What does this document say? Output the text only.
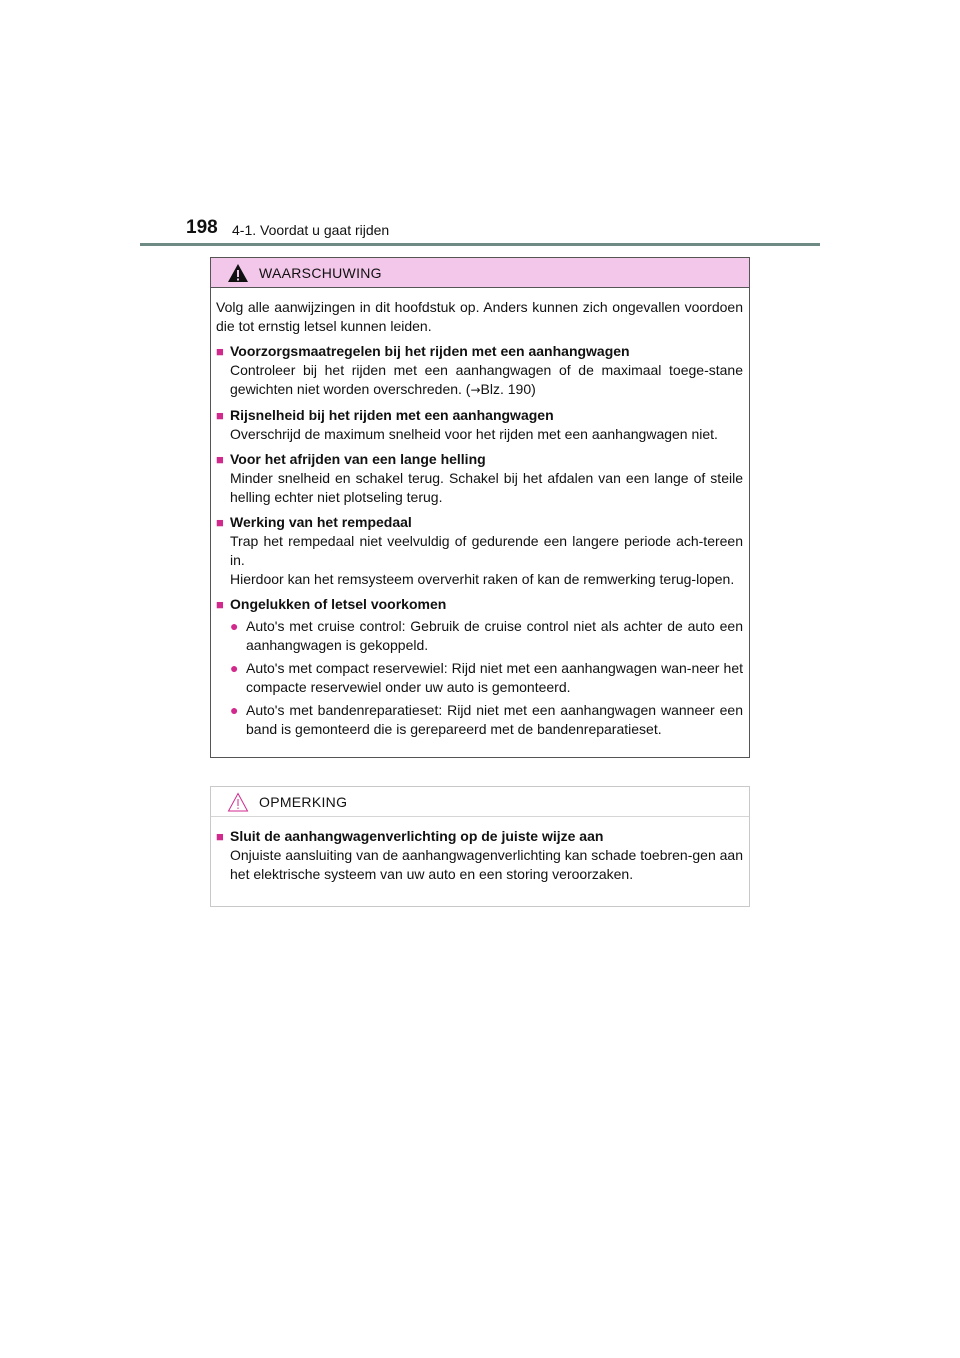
198 4-1. Voordat u gaat rijden
WAARSCHUWING
Volg alle aanwijzingen in dit hoofdstuk op. Anders kunnen zich ongevallen voordoen die tot ernstig letsel kunnen leiden.
■ Voorzorgsmaatregelen bij het rijden met een aanhangwagen
Controleer bij het rijden met een aanhangwagen of de maximaal toege-stane gewichten niet worden overschreden. (→Blz. 190)
■ Rijsnelheid bij het rijden met een aanhangwagen
Overschrijd de maximum snelheid voor het rijden met een aanhangwagen niet.
■ Voor het afrijden van een lange helling
Minder snelheid en schakel terug. Schakel bij het afdalen van een lange of steile helling echter niet plotseling terug.
■ Werking van het rempedaal
Trap het rempedaal niet veelvuldig of gedurende een langere periode ach-tereen in.
Hierdoor kan het remsysteem oververhit raken of kan de remwerking terug-lopen.
■ Ongelukken of letsel voorkomen
● Auto's met cruise control: Gebruik de cruise control niet als achter de auto een aanhangwagen is gekoppeld.
● Auto's met compact reservewiel: Rijd niet met een aanhangwagen wan-neer het compacte reservewiel onder uw auto is gemonteerd.
● Auto's met bandenreparatieset: Rijd niet met een aanhangwagen wanneer een band is gemonteerd die is gerepareerd met de bandenreparatieset.
OPMERKING
■ Sluit de aanhangwagenverlichting op de juiste wijze aan
Onjuiste aansluiting van de aanhangwagenverlichting kan schade toebren-gen aan het elektrische systeem van uw auto en een storing veroorzaken.
